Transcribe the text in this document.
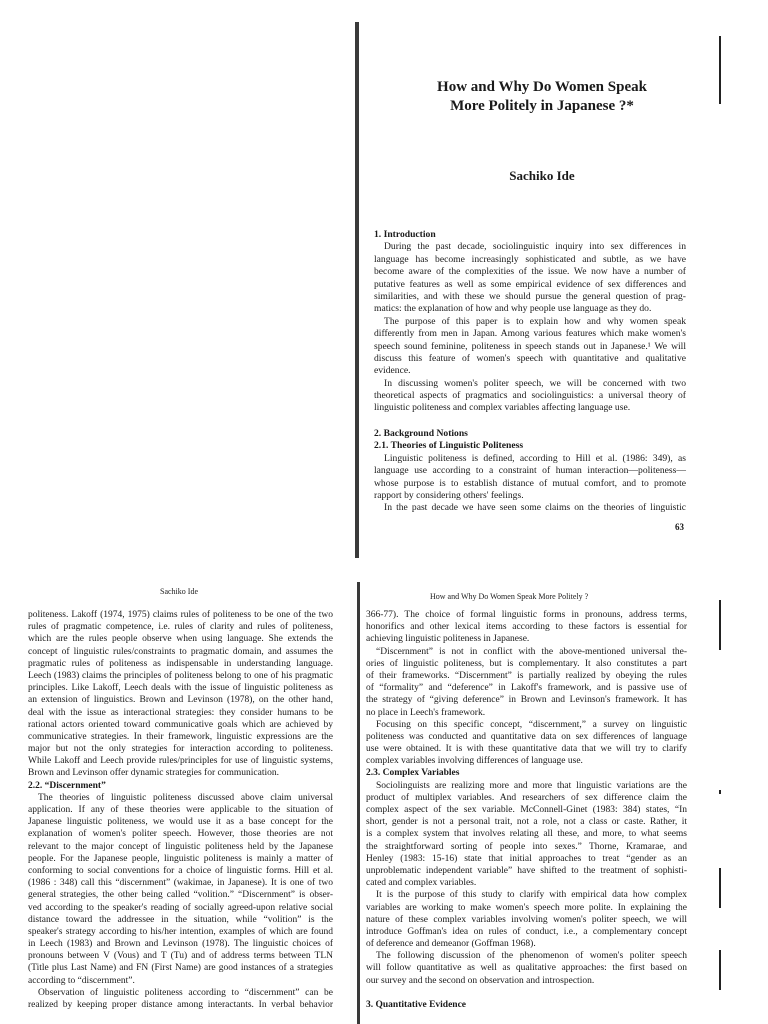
How and Why Do Women Speak
More Politely in Japanese ?*
Sachiko Ide
1. Introduction
During the past decade, sociolinguistic inquiry into sex differences in
language has become increasingly sophisticated and subtle, as we have
become aware of the complexities of the issue. We now have a number of
putative features as well as some empirical evidence of sex differences and
similarities, and with these we should pursue the general question of prag-
matics: the explanation of how and why people use language as they do.
The purpose of this paper is to explain how and why women speak
differently from men in Japan. Among various features which make women's
speech sound feminine, politeness in speech stands out in Japanese.¹ We will
discuss this feature of women's speech with quantitative and qualitative
evidence.
In discussing women's politer speech, we will be concerned with two
theoretical aspects of pragmatics and sociolinguistics: a universal theory of
linguistic politeness and complex variables affecting language use.
2. Background Notions
2.1. Theories of Linguistic Politeness
Linguistic politeness is defined, according to Hill et al. (1986: 349), as
language use according to a constraint of human interaction—politeness—
whose purpose is to establish distance of mutual comfort, and to promote
rapport by considering others' feelings.
In the past decade we have seen some claims on the theories of linguistic
63
Sachiko Ide
How and Why Do Women Speak More Politely ?
politeness. Lakoff (1974, 1975) claims rules of politeness to be one of the two
rules of pragmatic competence, i.e. rules of clarity and rules of politeness,
which are the rules people observe when using language. She extends the
concept of linguistic rules/constraints to pragmatic domain, and assumes the
pragmatic rules of politeness as indispensable in understanding language.
Leech (1983) claims the principles of politeness belong to one of his pragmatic
principles. Like Lakoff, Leech deals with the issue of linguistic politeness as
an extension of linguistics. Brown and Levinson (1978), on the other hand,
deal with the issue as interactional strategies: they consider humans to be
rational actors oriented toward communicative goals which are achieved by
communicative strategies. In their framework, linguistic expressions are the
major but not the only strategies for interaction according to politeness.
While Lakoff and Leech provide rules/principles for use of linguistic systems,
Brown and Levinson offer dynamic strategies for communication.
2.2. “Discernment”
The theories of linguistic politeness discussed above claim universal
application. If any of these theories were applicable to the situation of
Japanese linguistic politeness, we would use it as a base concept for the
explanation of women's politer speech. However, those theories are not
relevant to the major concept of linguistic politeness held by the Japanese
people. For the Japanese people, linguistic politeness is mainly a matter of
conforming to social conventions for a choice of linguistic forms. Hill et al.
(1986 : 348) call this “discernment” (wakimae, in Japanese). It is one of two
general strategies, the other being called “volition.” “Discernment” is obser-
ved according to the speaker's reading of socially agreed-upon relative social
distance toward the addressee in the situation, while “volition” is the
speaker's strategy according to his/her intention, examples of which are found
in Leech (1983) and Brown and Levinson (1978). The linguistic choices of
pronouns between V (Vous) and T (Tu) and of address terms between TLN
(Title plus Last Name) and FN (First Name) are good instances of a strategies
according to “discernment”.
Observation of linguistic politeness according to “discernment” can be
realized by keeping proper distance among interactants. In verbal behavior
366-77). The choice of formal linguistic forms in pronouns, address terms,
honorifics and other lexical items according to these factors is essential for
achieving linguistic politeness in Japanese.
“Discernment” is not in conflict with the above-mentioned universal the-
ories of linguistic politeness, but is complementary. It also constitutes a part
of their frameworks. “Discernment” is partially realized by obeying the rules
of “formality” and “deference” in Lakoff's framework, and is passive use of
the strategy of “giving deference” in Brown and Levinson's framework. It has
no place in Leech's framework.
Focusing on this specific concept, “discernment,” a survey on linguistic
politeness was conducted and quantitative data on sex differences of language
use were obtained. It is with these quantitative data that we will try to clarify
complex variables involving differences of language use.
2.3. Complex Variables
Sociolinguists are realizing more and more that linguistic variations are the
product of multiplex variables. And researchers of sex difference claim the
complex aspect of the sex variable. McConnell-Ginet (1983: 384) states, “In
short, gender is not a personal trait, not a role, not a class or caste. Rather, it
is a complex system that involves relating all these, and more, to what seems
the straightforward sorting of people into sexes.” Thorne, Kramarae, and
Henley (1983: 15-16) state that initial approaches to treat “gender as an
unproblematic independent variable” have shifted to the treatment of sophisti-
cated and complex variables.
It is the purpose of this study to clarify with empirical data how complex
variables are working to make women's speech more polite. In explaining the
nature of these complex variables involving women's politer speech, we will
introduce Goffman's idea on rules of conduct, i.e., a complementary concept
of deference and demeanor (Goffman 1968).
The following discussion of the phenomenon of women's politer speech
will follow quantitative as well as qualitative approaches: the first based on
our survey and the second on observation and introspection.
3. Quantitative Evidence
